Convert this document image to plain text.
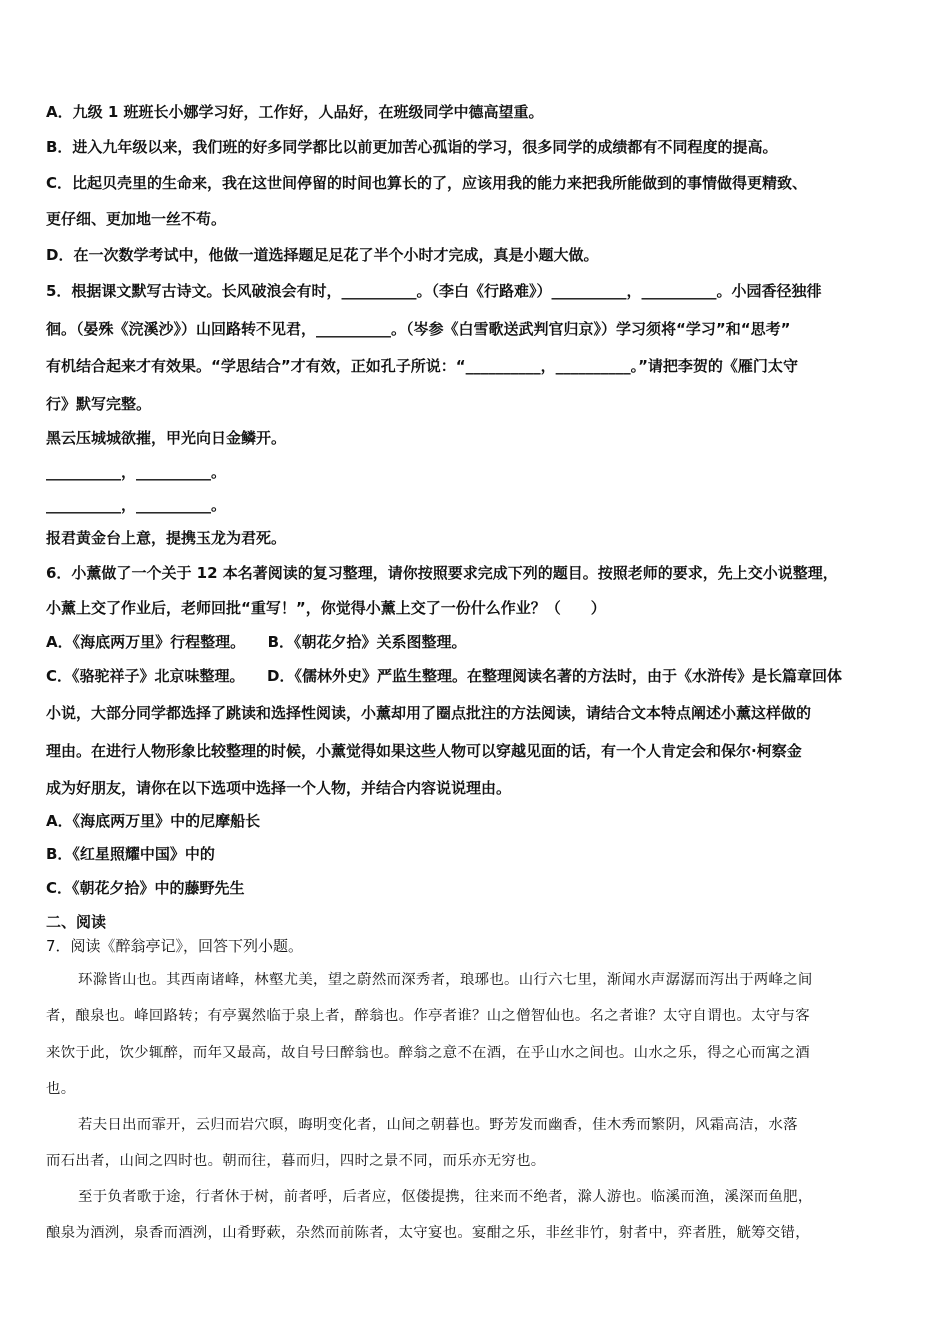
A．九级 1 班班长小娜学习好，工作好，人品好，在班级同学中德高望重。
B．进入九年级以来，我们班的好多同学都比以前更加苦心孤诣的学习，很多同学的成绩都有不同程度的提高。
C．比起贝壳里的生命来，我在这世间停留的时间也算长的了，应该用我的能力来把我所能做到的事情做得更精致、
更仔细、更加地一丝不苟。
D．在一次数学考试中，他做一道选择题足足花了半个小时才完成，真是小题大做。
5．根据课文默写古诗文。长风破浪会有时，__________。（李白《行路难》）__________，__________。小园香径独徘
徊。（晏殊《浣溪沙》）山回路转不见君，__________。（岑参《白雪歌送武判官归京》）学习须将“学习”和“思考”
有机结合起来才有效果。“学思结合”才有效，正如孔子所说：“__________，__________。”请把李贺的《雁门太守
行》默写完整。
黑云压城城欲摧，甲光向日金鳞开。
__________，__________。
__________，__________。
报君黄金台上意，提携玉龙为君死。
6．小薰做了一个关于 12 本名著阅读的复习整理，请你按照要求完成下列的题目。按照老师的要求，先上交小说整理，
小薰上交了作业后，老师回批“重写！”，你觉得小薰上交了一份什么作业？（　　）
A．《海底两万里》行程整理。　　B．《朝花夕拾》关系图整理。
C．《骆驼祥子》北京味整理。　　D．《儒林外史》严监生整理。在整理阅读名著的方法时，由于《水浒传》是长篇章回体
小说，大部分同学都选择了跳读和选择性阅读，小薰却用了圈点批注的方法阅读，请结合文本特点阐述小薰这样做的
理由。在进行人物形象比较整理的时候，小薰觉得如果这些人物可以穿越见面的话，有一个人肯定会和保尔·柯察金
成为好朋友，请你在以下选项中选择一个人物，并结合内容说说理由。
A．《海底两万里》中的尼摩船长
B．《红星照耀中国》中的
C．《朝花夕拾》中的藤野先生
二、阅读
7．阅读《醉翁亭记》，回答下列小题。
环滁皆山也。其西南诸峰，林壑尤美，望之蔚然而深秀者，琅琊也。山行六七里，渐闻水声潺潺而泻出于两峰之间
者，酿泉也。峰回路转；有亭翼然临于泉上者，醉翁也。作亭者谁？山之僧智仙也。名之者谁？太守自谓也。太守与客
来饮于此，饮少辄醉，而年又最高，故自号曰醉翁也。醉翁之意不在酒，在乎山水之间也。山水之乐，得之心而寓之酒
也。
若夫日出而霏开，云归而岩穴暝，晦明变化者，山间之朝暮也。野芳发而幽香，佳木秀而繁阴，风霜高洁，水落
而石出者，山间之四时也。朝而往，暮而归，四时之景不同，而乐亦无穷也。
至于负者歌于途，行者休于树，前者呼，后者应，伛偻提携，往来而不绝者，滁人游也。临溪而渔，溪深而鱼肥，
酿泉为酒洌，泉香而酒洌，山肴野蔌，杂然而前陈者，太守宴也。宴酣之乐，非丝非竹，射者中，弈者胜，觥筹交错，
